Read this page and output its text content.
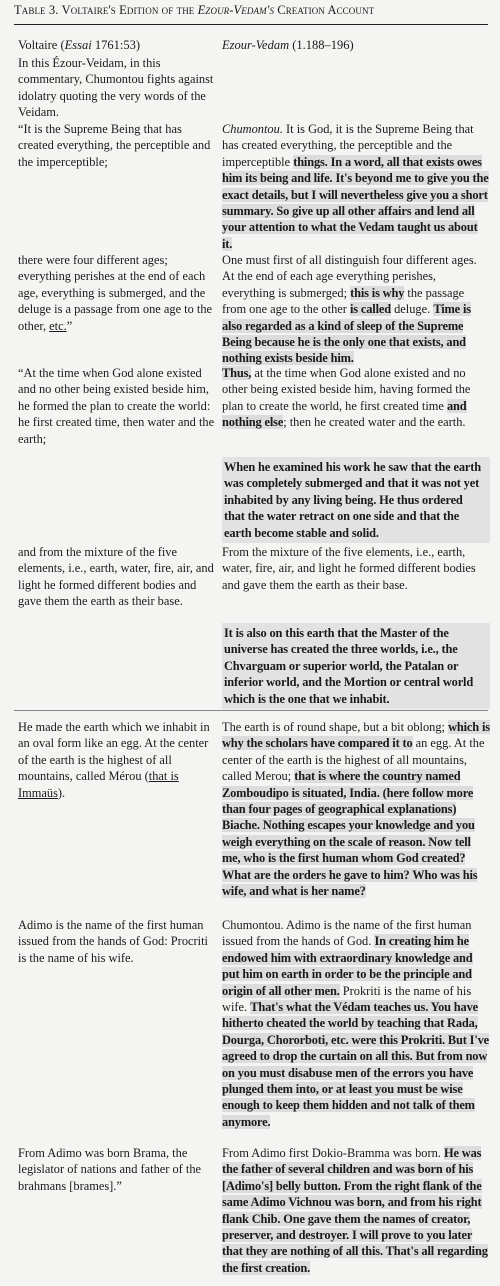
Table 3. Voltaire's Edition of the Ezour-Vedam's Creation Account
Voltaire (Essai 1761:53)	Ezour-Vedam (1.188–196)

In this Ézour-Veidam, in this commentary, Chumontou fights against idolatry quoting the very words of the Veidam.

“It is the Supreme Being that has created everything, the perceptible and the imperceptible;

Chumontou. It is God, it is the Supreme Being that has created everything, the perceptible and the imperceptible things. In a word, all that exists owes him its being and life. It's beyond me to give you the exact details, but I will nevertheless give you a short summary. So give up all other affairs and lend all your attention to what the Vedam taught us about it.

there were four different ages; everything perishes at the end of each age, everything is submerged, and the deluge is a passage from one age to the other, etc.”

One must first of all distinguish four different ages. At the end of each age everything perishes, everything is submerged; this is why the passage from one age to the other is called deluge. Time is also regarded as a kind of sleep of the Supreme Being because he is the only one that exists, and nothing exists beside him.

“At the time when God alone existed and no other being existed beside him, he formed the plan to create the world: he first created time, then water and the earth;

Thus, at the time when God alone existed and no other being existed beside him, having formed the plan to create the world, he first created time and nothing else; then he created water and the earth.

When he examined his work he saw that the earth was completely submerged and that it was not yet inhabited by any living being. He thus ordered that the water retract on one side and that the earth become stable and solid.

and from the mixture of the five elements, i.e., earth, water, fire, air, and light he formed different bodies and gave them the earth as their base.

From the mixture of the five elements, i.e., earth, water, fire, air, and light he formed different bodies and gave them the earth as their base.

It is also on this earth that the Master of the universe has created the three worlds, i.e., the Chvarguam or superior world, the Patalan or inferior world, and the Mortion or central world which is the one that we inhabit.

He made the earth which we inhabit in an oval form like an egg. At the center of the earth is the highest of all mountains, called Mérou (that is Immaüs).

The earth is of round shape, but a bit oblong; which is why the scholars have compared it to an egg. At the center of the earth is the highest of all mountains, called Merou; that is where the country named Zomboudipo is situated, India. (here follow more than four pages of geographical explanations) Biache. Nothing escapes your knowledge and you weigh everything on the scale of reason. Now tell me, who is the first human whom God created? What are the orders he gave to him? Who was his wife, and what is her name?

Adimo is the name of the first human issued from the hands of God: Procriti is the name of his wife.

Chumontou. Adimo is the name of the first human issued from the hands of God. In creating him he endowed him with extraordinary knowledge and put him on earth in order to be the principle and origin of all other men. Prokriti is the name of his wife. That's what the Védam teaches us. You have hitherto cheated the world by teaching that Rada, Dourga, Chororboti, etc. were this Prokriti. But I've agreed to drop the curtain on all this. But from now on you must disabuse men of the errors you have plunged them into, or at least you must be wise enough to keep them hidden and not talk of them anymore.

From Adimo was born Brama, the legislator of nations and father of the brahmans [brames].”

From Adimo first Dokio-Bramma was born. He was the father of several children and was born of his [Adimo's] belly button. From the right flank of the same Adimo Vichnou was born, and from his right flank Chib. One gave them the names of creator, preserver, and destroyer. I will prove to you later that they are nothing of all this. That's all regarding the first creation.
